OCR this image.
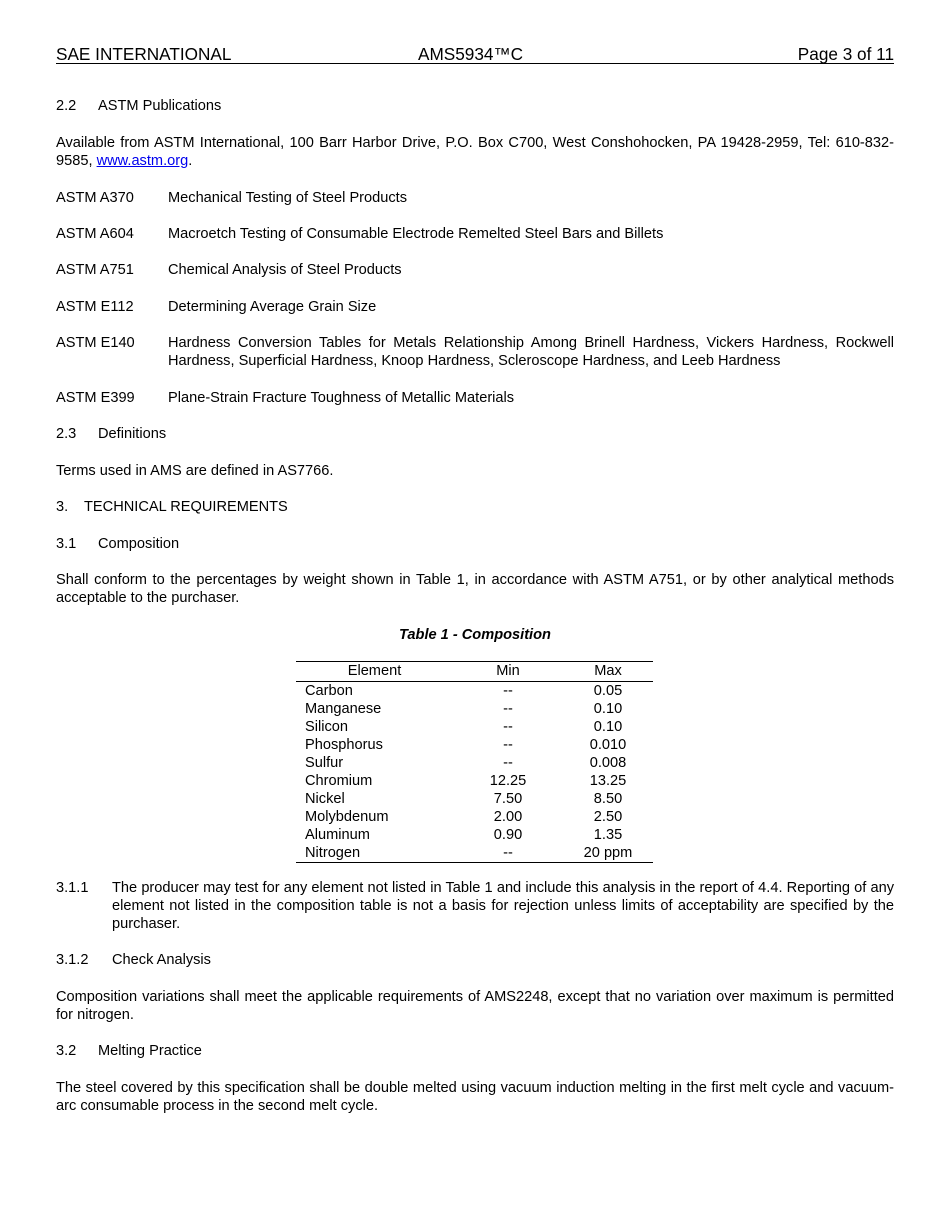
SAE INTERNATIONAL	AMS5934™C	Page 3 of 11
2.2 ASTM Publications
Available from ASTM International, 100 Barr Harbor Drive, P.O. Box C700, West Conshohocken, PA 19428-2959, Tel: 610-832-9585, www.astm.org.
ASTM A370 Mechanical Testing of Steel Products
ASTM A604 Macroetch Testing of Consumable Electrode Remelted Steel Bars and Billets
ASTM A751 Chemical Analysis of Steel Products
ASTM E112 Determining Average Grain Size
ASTM E140 Hardness Conversion Tables for Metals Relationship Among Brinell Hardness, Vickers Hardness, Rockwell Hardness, Superficial Hardness, Knoop Hardness, Scleroscope Hardness, and Leeb Hardness
ASTM E399 Plane-Strain Fracture Toughness of Metallic Materials
2.3 Definitions
Terms used in AMS are defined in AS7766.
3. TECHNICAL REQUIREMENTS
3.1 Composition
Shall conform to the percentages by weight shown in Table 1, in accordance with ASTM A751, or by other analytical methods acceptable to the purchaser.
Table 1 - Composition
Element	Min	Max
Carbon	--	0.05
Manganese	--	0.10
Silicon	--	0.10
Phosphorus	--	0.010
Sulfur	--	0.008
Chromium	12.25	13.25
Nickel	7.50	8.50
Molybdenum	2.00	2.50
Aluminum	0.90	1.35
Nitrogen	--	20 ppm
3.1.1 The producer may test for any element not listed in Table 1 and include this analysis in the report of 4.4. Reporting of any element not listed in the composition table is not a basis for rejection unless limits of acceptability are specified by the purchaser.
3.1.2 Check Analysis
Composition variations shall meet the applicable requirements of AMS2248, except that no variation over maximum is permitted for nitrogen.
3.2 Melting Practice
The steel covered by this specification shall be double melted using vacuum induction melting in the first melt cycle and vacuum-arc consumable process in the second melt cycle.
